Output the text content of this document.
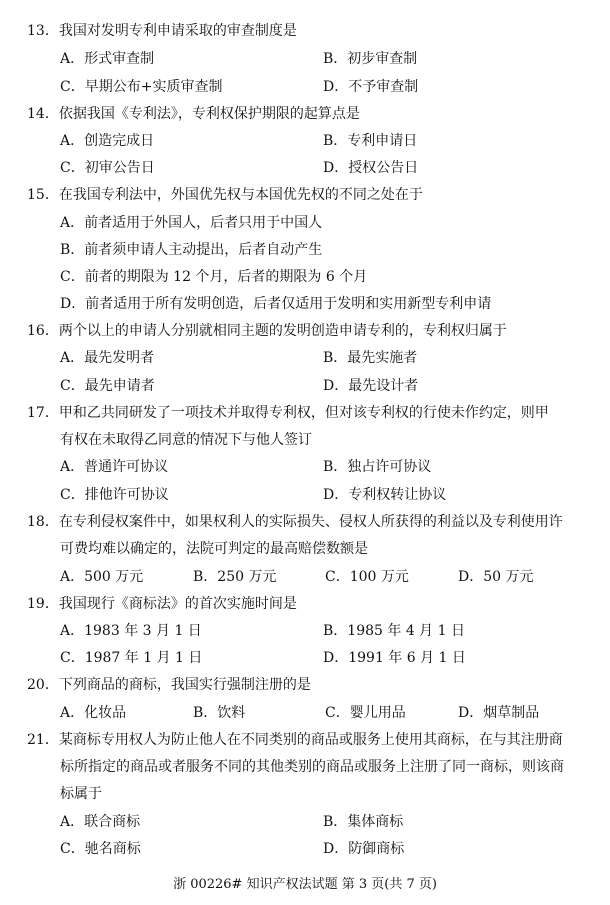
13．我国对发明专利申请采取的审查制度是
A．形式审查制	B．初步审查制
C．早期公布+实质审查制	D．不予审查制
14．依据我国《专利法》，专利权保护期限的起算点是
A．创造完成日	B．专利申请日
C．初审公告日	D．授权公告日
15．在我国专利法中，外国优先权与本国优先权的不同之处在于
A．前者适用于外国人，后者只用于中国人
B．前者须申请人主动提出，后者自动产生
C．前者的期限为 12 个月，后者的期限为 6 个月
D．前者适用于所有发明创造，后者仅适用于发明和实用新型专利申请
16．两个以上的申请人分别就相同主题的发明创造申请专利的，专利权归属于
A．最先发明者	B．最先实施者
C．最先申请者	D．最先设计者
17．甲和乙共同研发了一项技术并取得专利权，但对该专利权的行使未作约定，则甲
有权在未取得乙同意的情况下与他人签订
A．普通许可协议	B．独占许可协议
C．排他许可协议	D．专利权转让协议
18．在专利侵权案件中，如果权利人的实际损失、侵权人所获得的利益以及专利使用许
可费均难以确定的，法院可判定的最高赔偿数额是
A．500 万元	B．250 万元	C．100 万元	D．50 万元
19．我国现行《商标法》的首次实施时间是
A．1983 年 3 月 1 日	B．1985 年 4 月 1 日
C．1987 年 1 月 1 日	D．1991 年 6 月 1 日
20．下列商品的商标，我国实行强制注册的是
A．化妆品	B．饮料	C．婴儿用品	D．烟草制品
21．某商标专用权人为防止他人在不同类别的商品或服务上使用其商标，在与其注册商
标所指定的商品或者服务不同的其他类别的商品或服务上注册了同一商标，则该商
标属于
A．联合商标	B．集体商标
C．驰名商标	D．防御商标
浙 00226# 知识产权法试题 第 3 页(共 7 页)
